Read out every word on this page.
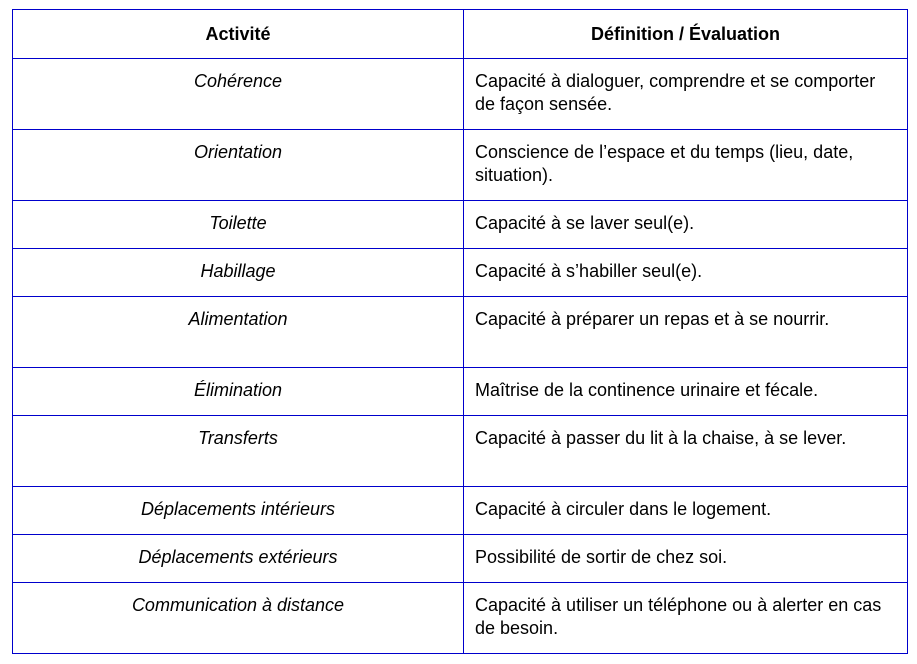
Activité	Définition / Évaluation
Cohérence	Capacité à dialoguer, comprendre et se comporter de façon sensée.
Orientation	Conscience de l’espace et du temps (lieu, date, situation).
Toilette	Capacité à se laver seul(e).
Habillage	Capacité à s’habiller seul(e).
Alimentation	Capacité à préparer un repas et à se nourrir.
Élimination	Maîtrise de la continence urinaire et fécale.
Transferts	Capacité à passer du lit à la chaise, à se lever.
Déplacements intérieurs	Capacité à circuler dans le logement.
Déplacements extérieurs	Possibilité de sortir de chez soi.
Communication à distance	Capacité à utiliser un téléphone ou à alerter en cas de besoin.
